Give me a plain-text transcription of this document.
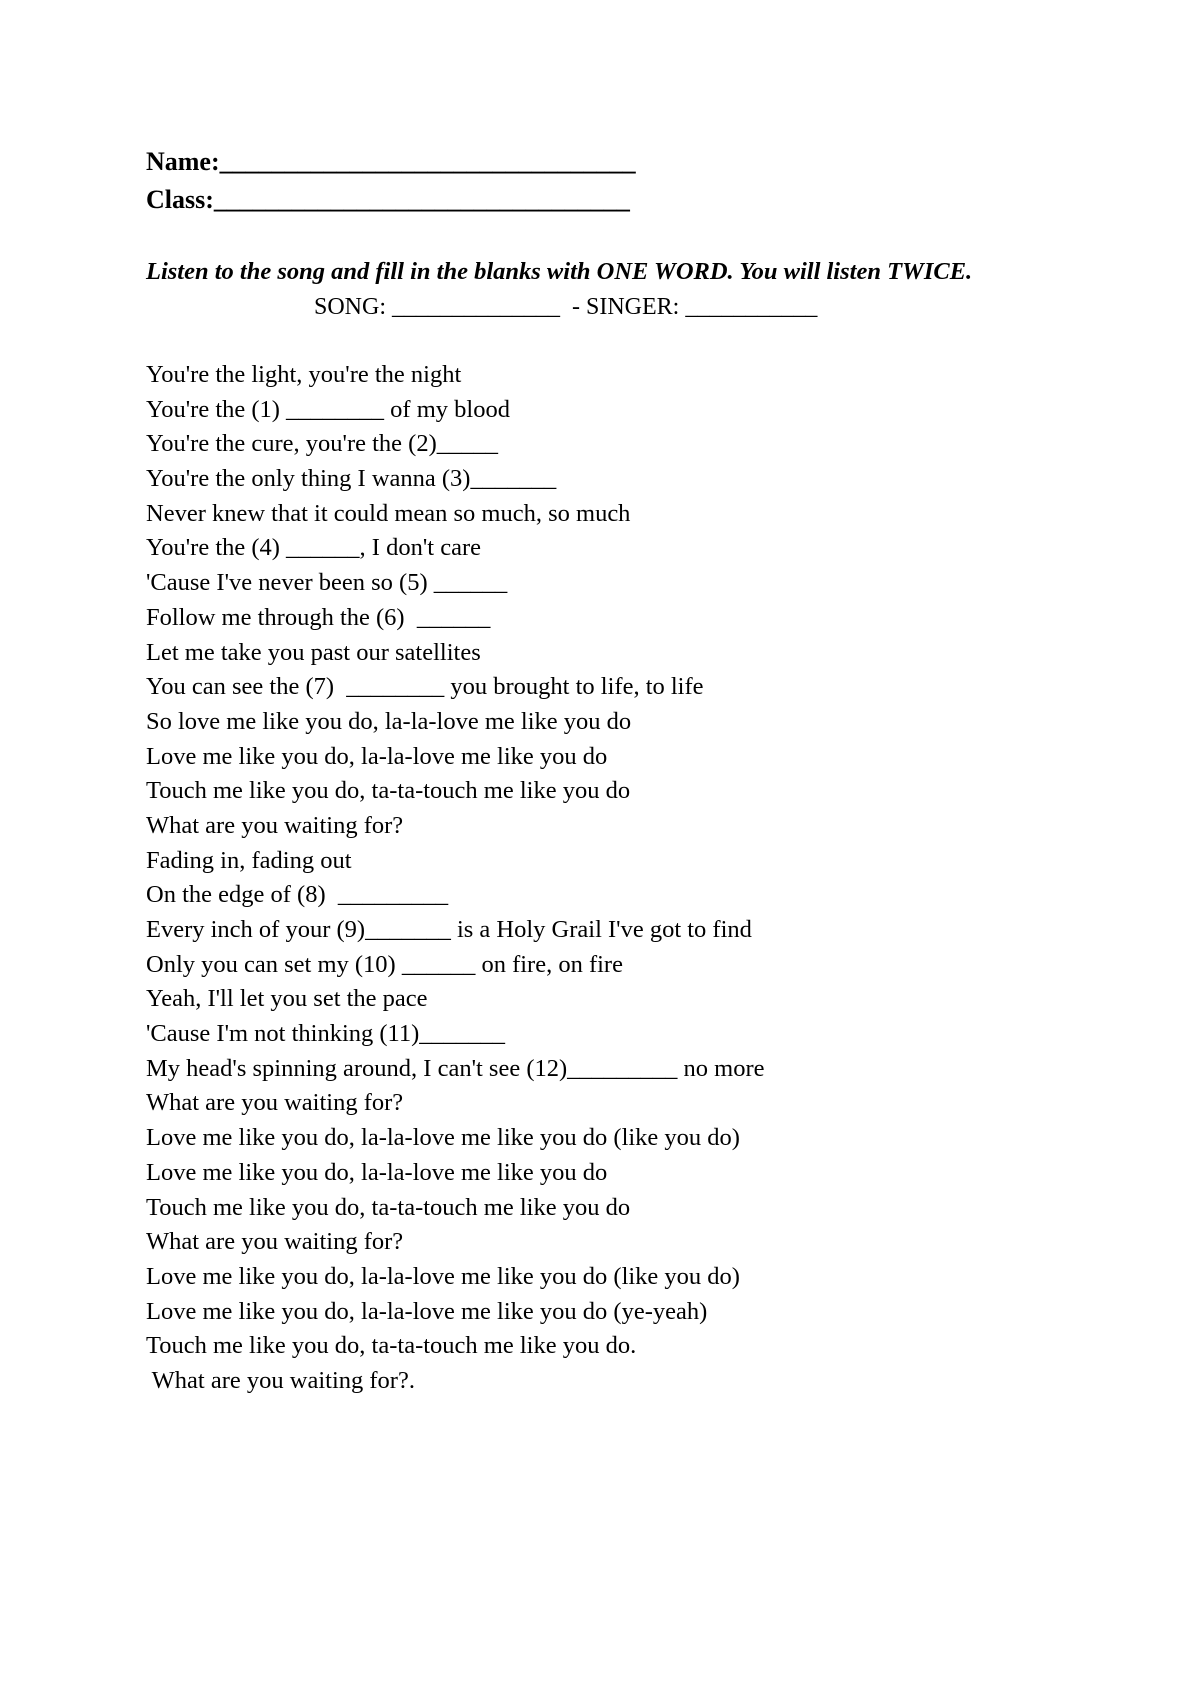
Name:________________________________
Class:________________________________
Listen to the song and fill in the blanks with ONE WORD. You will listen TWICE.
SONG: ______________  - SINGER: ___________
You're the light, you're the night
You're the (1) ________ of my blood
You're the cure, you're the (2)_____
You're the only thing I wanna (3)_______
Never knew that it could mean so much, so much
You're the (4) ______, I don't care
'Cause I've never been so (5) ______
Follow me through the (6)  ______
Let me take you past our satellites
You can see the (7)  ________ you brought to life, to life
So love me like you do, la-la-love me like you do
Love me like you do, la-la-love me like you do
Touch me like you do, ta-ta-touch me like you do
What are you waiting for?
Fading in, fading out
On the edge of (8)  _________
Every inch of your (9)_______ is a Holy Grail I've got to find
Only you can set my (10) ______ on fire, on fire
Yeah, I'll let you set the pace
'Cause I'm not thinking (11)_______
My head's spinning around, I can't see (12)_________ no more
What are you waiting for?
Love me like you do, la-la-love me like you do (like you do)
Love me like you do, la-la-love me like you do
Touch me like you do, ta-ta-touch me like you do
What are you waiting for?
Love me like you do, la-la-love me like you do (like you do)
Love me like you do, la-la-love me like you do (ye-yeah)
Touch me like you do, ta-ta-touch me like you do.
What are you waiting for?.
